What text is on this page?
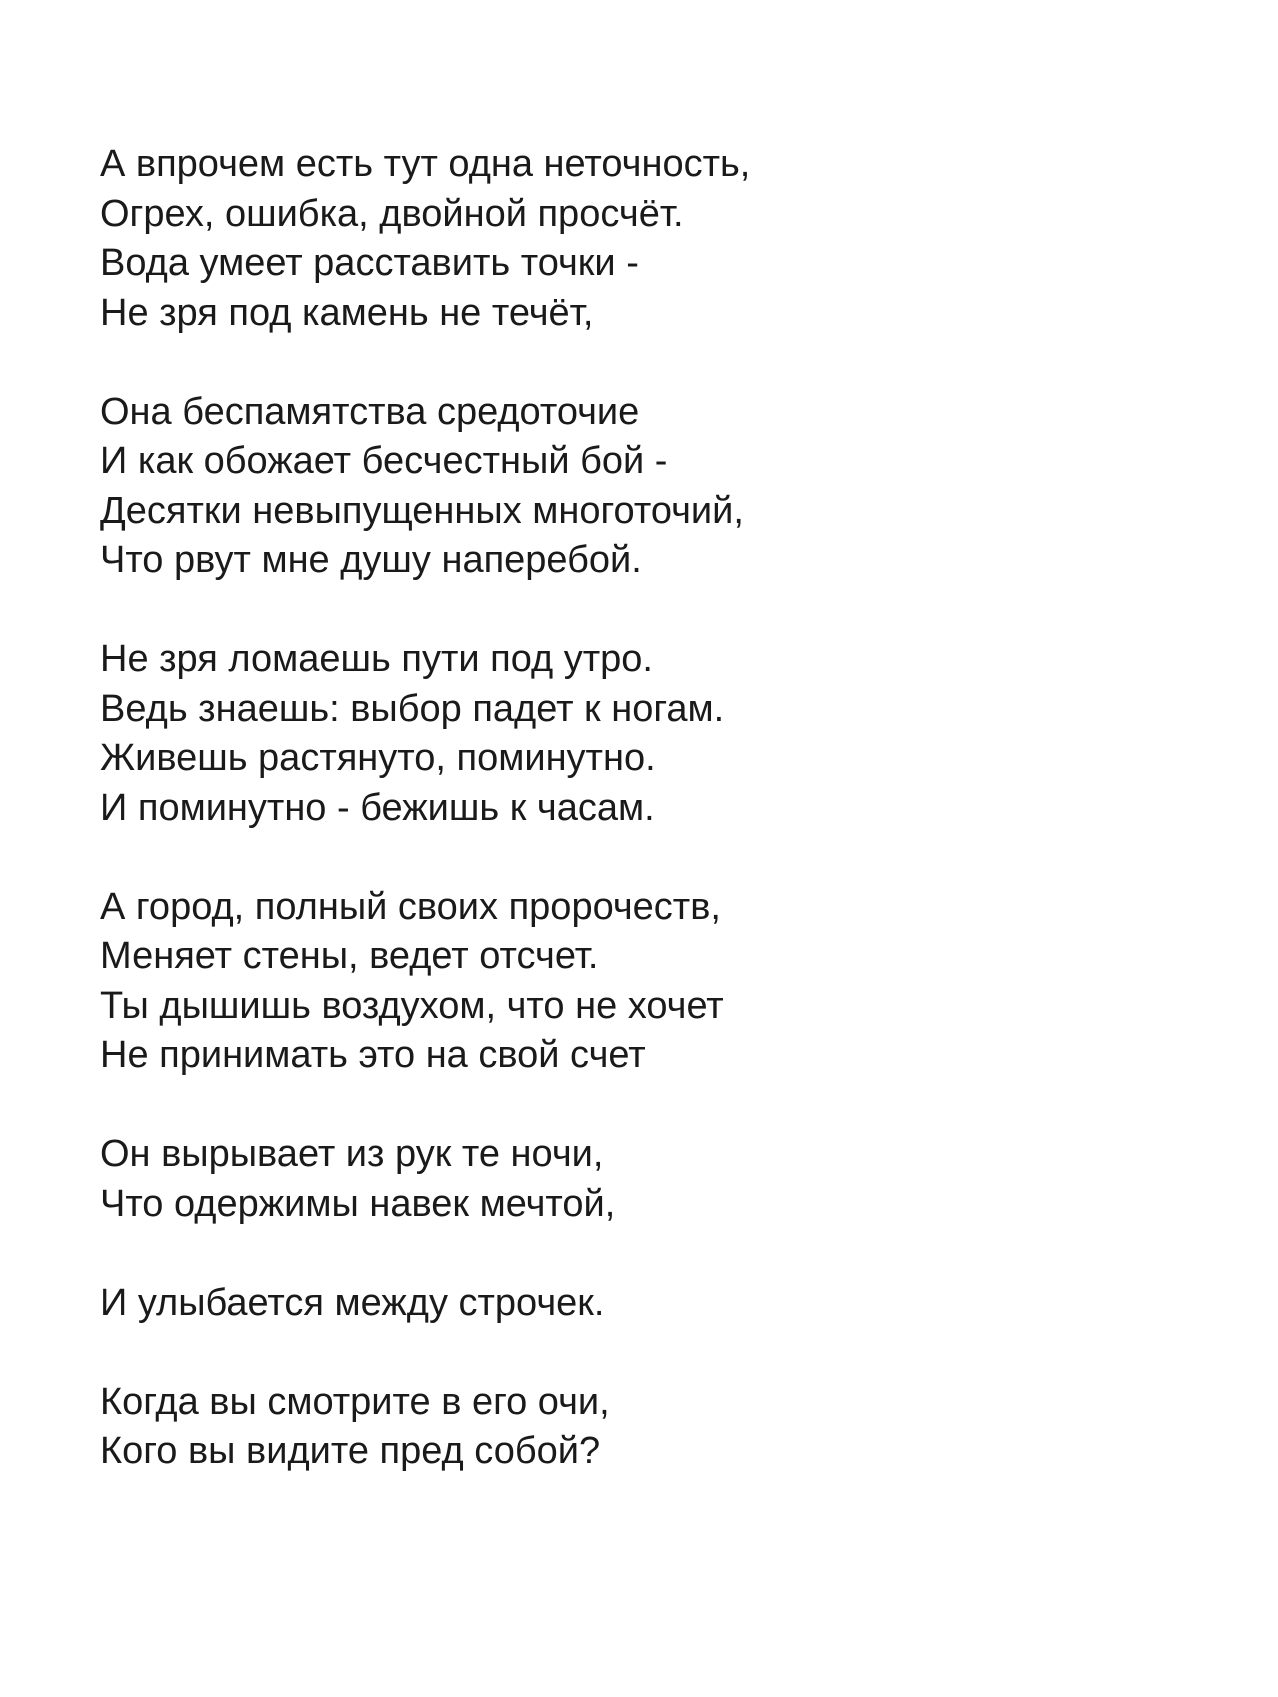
А впрочем есть тут одна неточность,
Огрех, ошибка, двойной просчёт.
Вода умеет расставить точки -
Не зря под камень не течёт,
Она беспамятства средоточие
И как обожает бесчестный бой -
Десятки невыпущенных многоточий,
Что рвут мне душу наперебой.
Не зря ломаешь пути под утро.
Ведь знаешь: выбор падет к ногам.
Живешь растянуто, поминутно.
И поминутно - бежишь к часам.
А город, полный своих пророчеств,
Меняет стены, ведет отсчет.
Ты дышишь воздухом, что не хочет
Не принимать это на свой счет
Он вырывает из рук те ночи,
Что одержимы навек мечтой,
И улыбается между строчек.
Когда вы смотрите в его очи,
Кого вы видите пред собой?
